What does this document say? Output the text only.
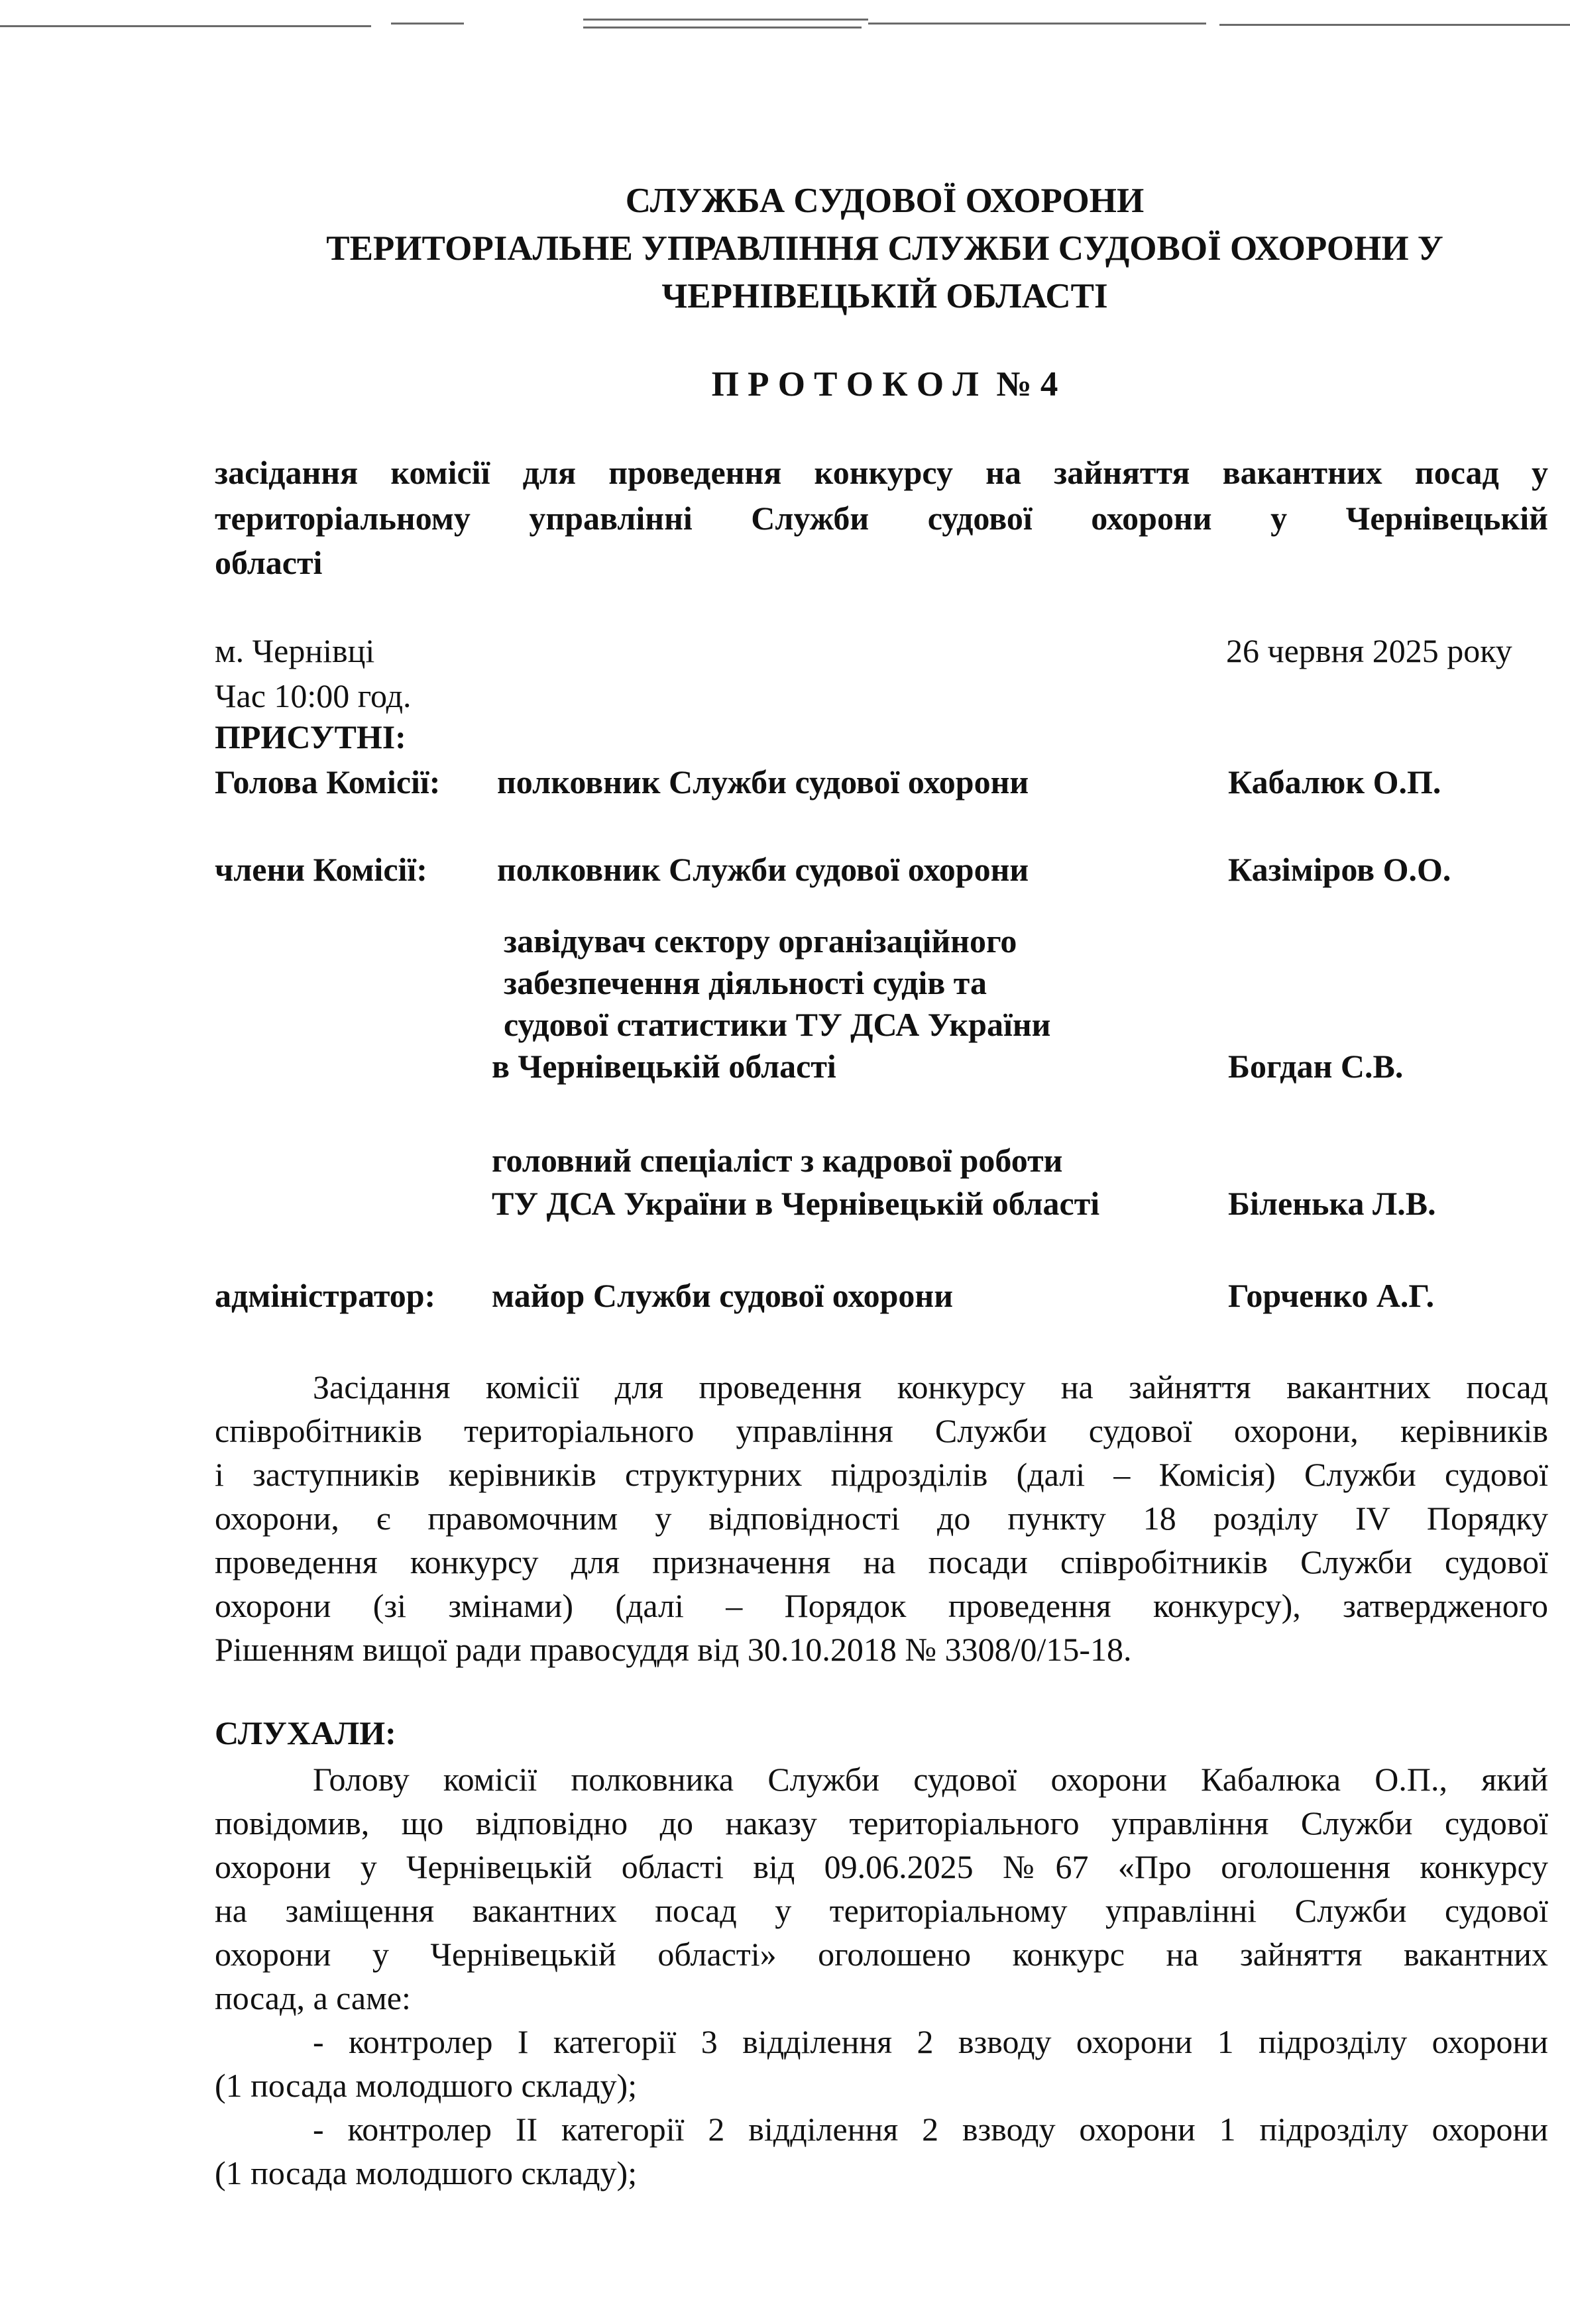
СЛУЖБА СУДОВОЇ ОХОРОНИ
ТЕРИТОРІАЛЬНЕ УПРАВЛІННЯ СЛУЖБИ СУДОВОЇ ОХОРОНИ У
ЧЕРНІВЕЦЬКІЙ ОБЛАСТІ
П Р О Т О К О Л  № 4
засідання комісії для проведення конкурсу на зайняття вакантних посад у
територіальному управлінні Служби судової охорони у Чернівецькій
області
м. Чернівці	26 червня 2025 року
Час 10:00 год.
ПРИСУТНІ:
Голова Комісії: полковник Служби судової охорони	Кабалюк О.П.
члени Комісії: полковник Служби судової охорони	Казіміров О.О.
завідувач сектору організаційного
забезпечення діяльності судів та
судової статистики ТУ ДСА України
в Чернівецькій області	Богдан С.В.
головний спеціаліст з кадрової роботи
ТУ ДСА України в Чернівецькій області	Біленька Л.В.
адміністратор: майор Служби судової охорони	Горченко А.Г.
Засідання комісії для проведення конкурсу на зайняття вакантних посад
співробітників територіального управління Служби судової охорони, керівників
і заступників керівників структурних підрозділів (далі – Комісія) Служби судової
охорони, є правомочним у відповідності до пункту 18 розділу IV Порядку
проведення конкурсу для призначення на посади співробітників Служби судової
охорони (зі змінами) (далі – Порядок проведення конкурсу), затвердженого
Рішенням вищої ради правосуддя від 30.10.2018 № 3308/0/15-18.
СЛУХАЛИ:
Голову комісії полковника Служби судової охорони Кабалюка О.П., який
повідомив, що відповідно до наказу територіального управління Служби судової
охорони у Чернівецькій області від 09.06.2025 №67 «Про оголошення конкурсу
на заміщення вакантних посад у територіальному управлінні Служби судової
охорони у Чернівецькій області» оголошено конкурс на зайняття вакантних
посад, а саме:
- контролер І категорії 3 відділення 2 взводу охорони 1 підрозділу охорони
(1 посада молодшого складу);
- контролер ІІ категорії 2 відділення 2 взводу охорони 1 підрозділу охорони
(1 посада молодшого складу);
